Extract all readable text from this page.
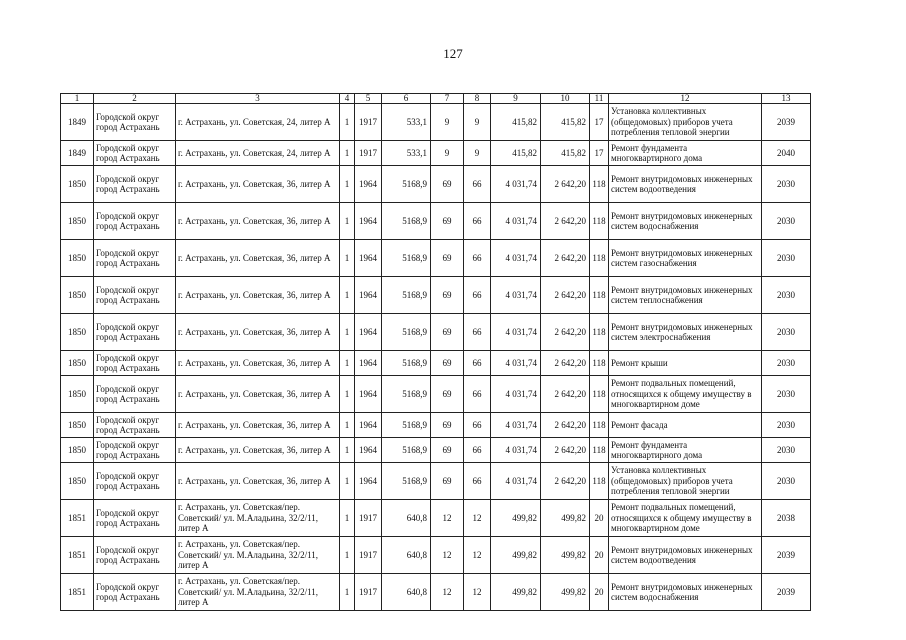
127
1	2	3	4	5	6	7	8	9	10	11	12	13
1849	Городской округ город Астрахань	г. Астрахань, ул. Советская, 24, литер А	1	1917	533,1	9	9	415,82	415,82	17	Установка коллективных (общедомовых) приборов учета потребления тепловой энергии	2039
1849	Городской округ город Астрахань	г. Астрахань, ул. Советская, 24, литер А	1	1917	533,1	9	9	415,82	415,82	17	Ремонт фундамента многоквартирного дома	2040
1850	Городской округ город Астрахань	г. Астрахань, ул. Советская, 36, литер А	1	1964	5168,9	69	66	4 031,74	2 642,20	118	Ремонт внутридомовых инженерных систем водоотведения	2030
1850	Городской округ город Астрахань	г. Астрахань, ул. Советская, 36, литер А	1	1964	5168,9	69	66	4 031,74	2 642,20	118	Ремонт внутридомовых инженерных систем водоснабжения	2030
1850	Городской округ город Астрахань	г. Астрахань, ул. Советская, 36, литер А	1	1964	5168,9	69	66	4 031,74	2 642,20	118	Ремонт внутридомовых инженерных систем газоснабжения	2030
1850	Городской округ город Астрахань	г. Астрахань, ул. Советская, 36, литер А	1	1964	5168,9	69	66	4 031,74	2 642,20	118	Ремонт внутридомовых инженерных систем теплоснабжения	2030
1850	Городской округ город Астрахань	г. Астрахань, ул. Советская, 36, литер А	1	1964	5168,9	69	66	4 031,74	2 642,20	118	Ремонт внутридомовых инженерных систем электроснабжения	2030
1850	Городской округ город Астрахань	г. Астрахань, ул. Советская, 36, литер А	1	1964	5168,9	69	66	4 031,74	2 642,20	118	Ремонт крыши	2030
1850	Городской округ город Астрахань	г. Астрахань, ул. Советская, 36, литер А	1	1964	5168,9	69	66	4 031,74	2 642,20	118	Ремонт подвальных помещений, относящихся к общему имуществу в многоквартирном доме	2030
1850	Городской округ город Астрахань	г. Астрахань, ул. Советская, 36, литер А	1	1964	5168,9	69	66	4 031,74	2 642,20	118	Ремонт фасада	2030
1850	Городской округ город Астрахань	г. Астрахань, ул. Советская, 36, литер А	1	1964	5168,9	69	66	4 031,74	2 642,20	118	Ремонт фундамента многоквартирного дома	2030
1850	Городской округ город Астрахань	г. Астрахань, ул. Советская, 36, литер А	1	1964	5168,9	69	66	4 031,74	2 642,20	118	Установка коллективных (общедомовых) приборов учета потребления тепловой энергии	2030
1851	Городской округ город Астрахань	г. Астрахань, ул. Советская/пер. Советский/ ул. М.Аладьина, 32/2/11, литер А	1	1917	640,8	12	12	499,82	499,82	20	Ремонт подвальных помещений, относящихся к общему имуществу в многоквартирном доме	2038
1851	Городской округ город Астрахань	г. Астрахань, ул. Советская/пер. Советский/ ул. М.Аладьина, 32/2/11, литер А	1	1917	640,8	12	12	499,82	499,82	20	Ремонт внутридомовых инженерных систем водоотведения	2039
1851	Городской округ город Астрахань	г. Астрахань, ул. Советская/пер. Советский/ ул. М.Аладьина, 32/2/11, литер А	1	1917	640,8	12	12	499,82	499,82	20	Ремонт внутридомовых инженерных систем водоснабжения	2039
